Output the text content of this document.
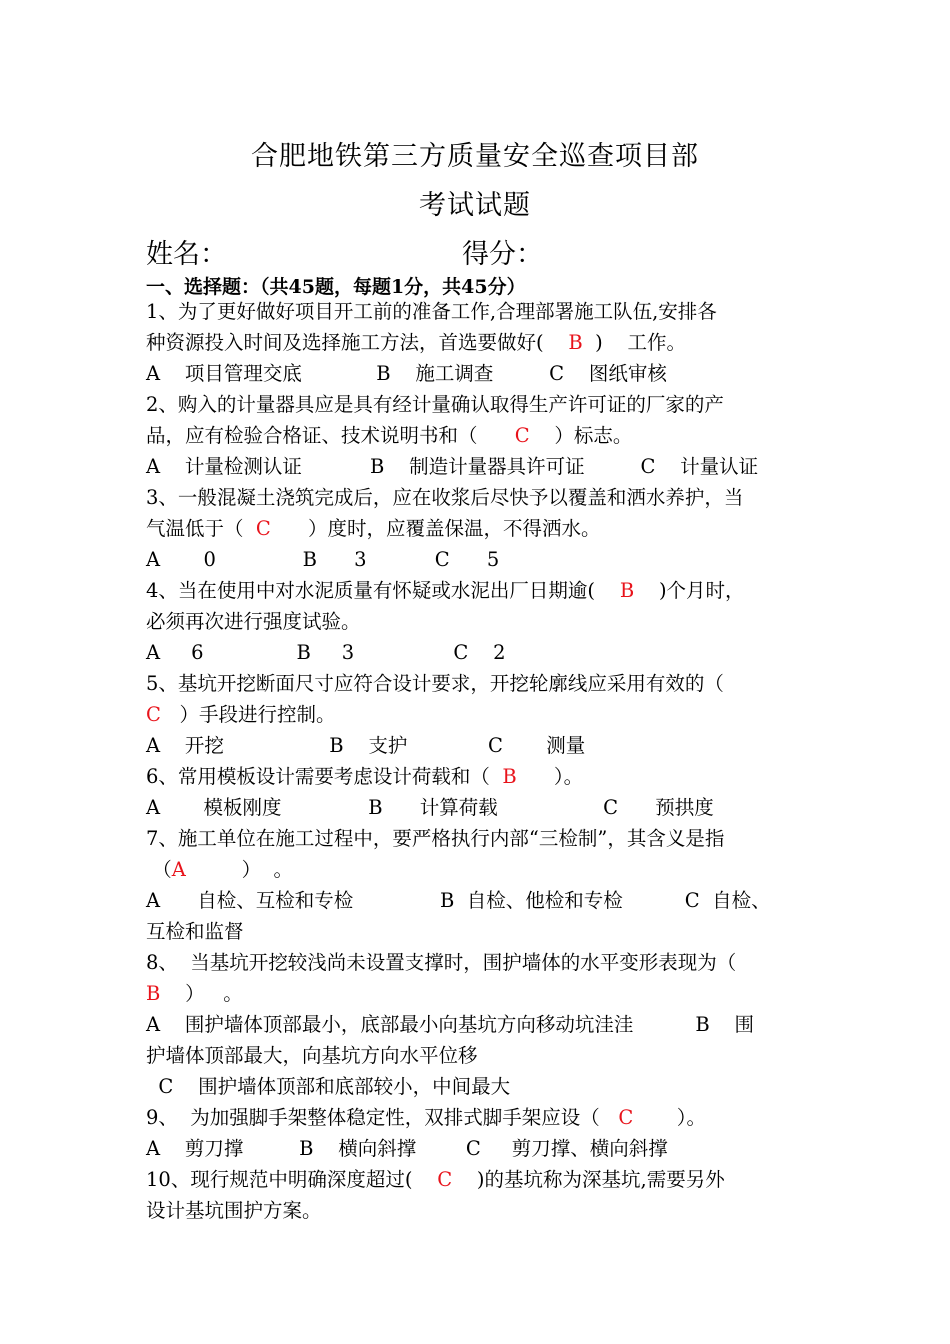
合肥地铁第三方质量安全巡查项目部
考试试题
姓名：	得分：
一、选择题：（共45题，每题1分，共45分）
1、为了更好做好项目开工前的准备工作,合理部署施工队伍,安排各
种资源投入时间及选择施工方法，首选要做好(    B  )    工作。
A    项目管理交底            B    施工调查         C    图纸审核
2、购入的计量器具应是具有经计量确认取得生产许可证的厂家的产
品，应有检验合格证、技术说明书和（      C    ）标志。
A    计量检测认证           B    制造计量器具许可证         C    计量认证
3、一般混凝土浇筑完成后，应在收浆后尽快予以覆盖和洒水养护，当
气温低于（  C      ）度时，应覆盖保温，不得洒水。
A       0              B      3           C      5
4、当在使用中对水泥质量有怀疑或水泥出厂日期逾(    B    )个月时，
必须再次进行强度试验。
A     6               B     3                C    2
5、基坑开挖断面尺寸应符合设计要求，开挖轮廓线应采用有效的（
C   ）手段进行控制。
A    开挖                 B    支护             C       测量
6、常用模板设计需要考虑设计荷载和（  B      ）。
A       模板刚度              B      计算荷载                 C      预拱度
7、施工单位在施工过程中，要严格执行内部“三检制”，其含义是指
（A         ）  。
A      自检、互检和专检              B  自检、他检和专检          C  自检、
互检和监督
8、  当基坑开挖较浅尚未设置支撑时，围护墙体的水平变形表现为（
B    ）   。
A    围护墙体顶部最小，底部最小向基坑方向移动坑洼洼          B    围
护墙体顶部最大，向基坑方向水平位移
C    围护墙体顶部和底部较小，中间最大
9、  为加强脚手架整体稳定性，双排式脚手架应设（   C       ）。
A    剪刀撑         B    横向斜撑        C     剪刀撑、横向斜撑
10、现行规范中明确深度超过(    C    )的基坑称为深基坑,需要另外
设计基坑围护方案。
